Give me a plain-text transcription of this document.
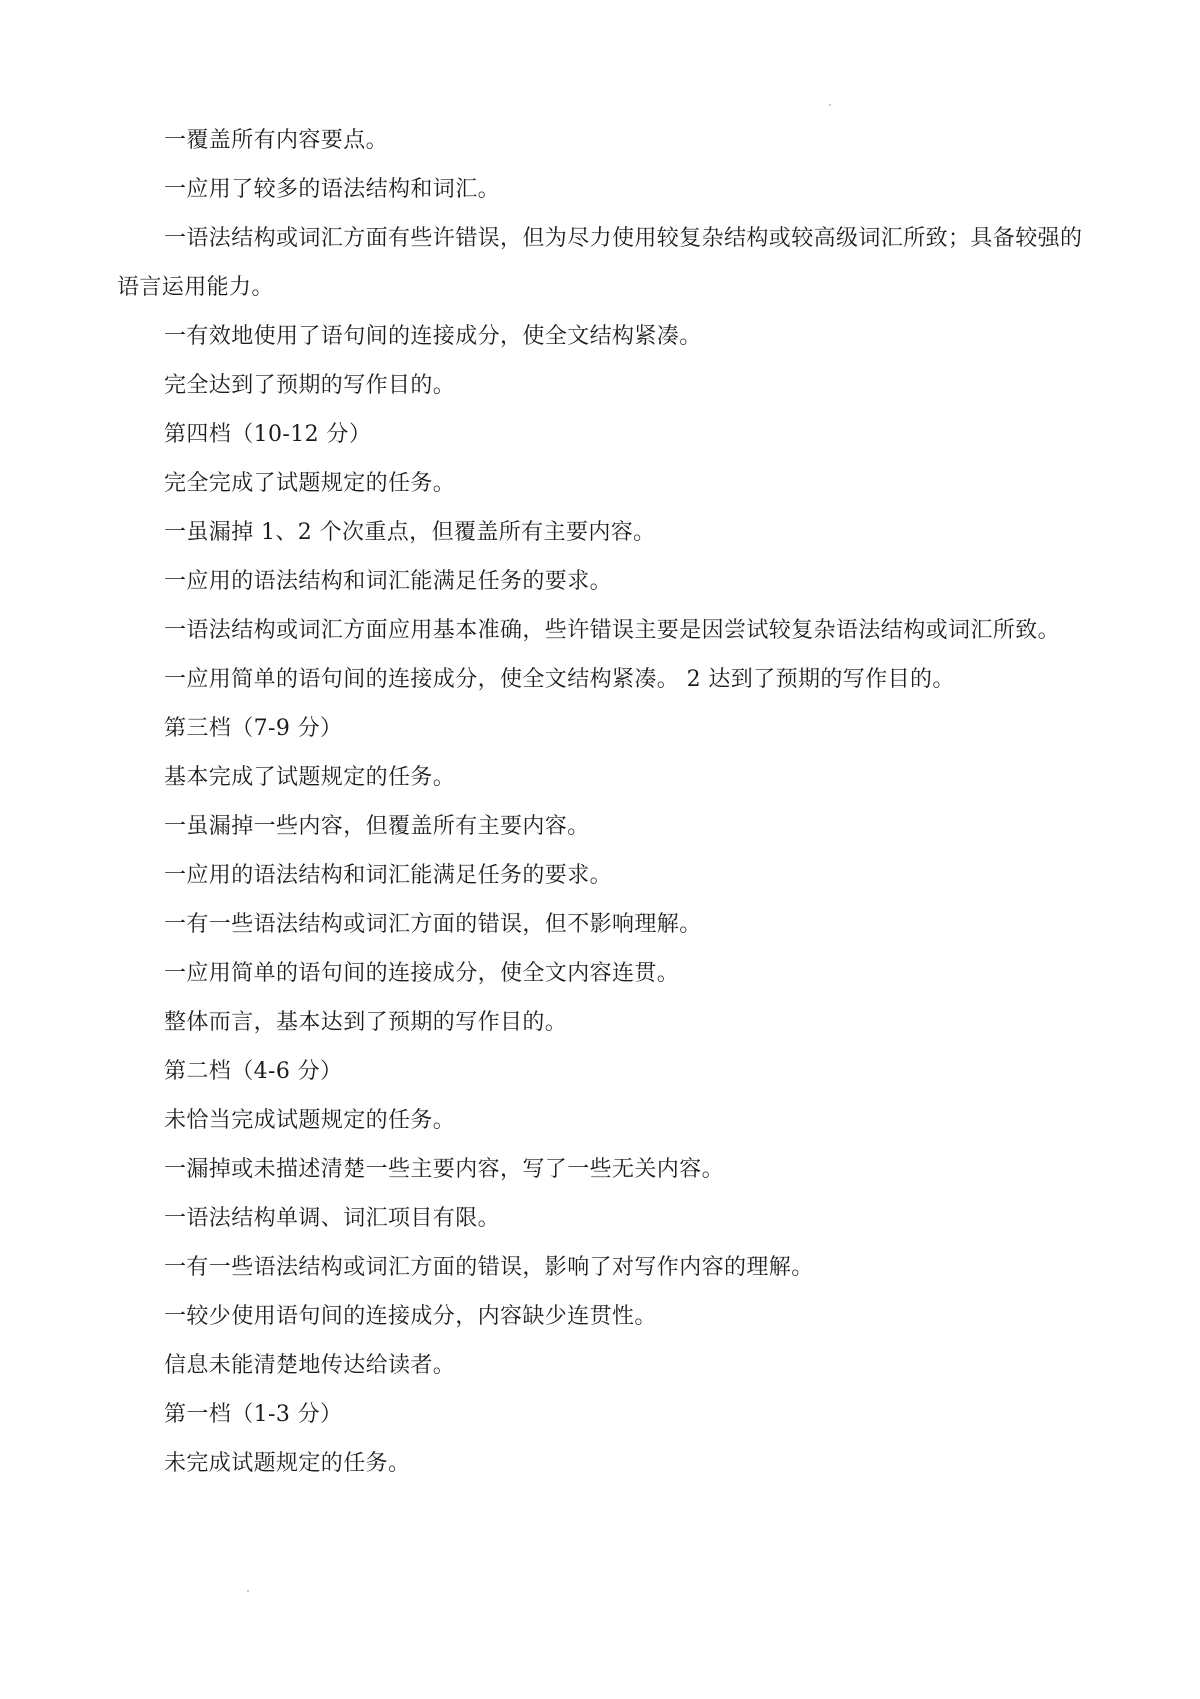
一覆盖所有内容要点。

一应用了较多的语法结构和词汇。

一语法结构或词汇方面有些许错误，但为尽力使用较复杂结构或较高级词汇所致；具备较强的语言运用能力。

一有效地使用了语句间的连接成分，使全文结构紧凑。

完全达到了预期的写作目的。

第四档（10-12 分）

完全完成了试题规定的任务。

一虽漏掉 1、2 个次重点，但覆盖所有主要内容。

一应用的语法结构和词汇能满足任务的要求。

一语法结构或词汇方面应用基本准确，些许错误主要是因尝试较复杂语法结构或词汇所致。

一应用简单的语句间的连接成分，使全文结构紧凑。 2 达到了预期的写作目的。

第三档（7-9 分）

基本完成了试题规定的任务。

一虽漏掉一些内容，但覆盖所有主要内容。

一应用的语法结构和词汇能满足任务的要求。

一有一些语法结构或词汇方面的错误，但不影响理解。

一应用简单的语句间的连接成分，使全文内容连贯。

整体而言，基本达到了预期的写作目的。

第二档（4-6 分）

未恰当完成试题规定的任务。

一漏掉或未描述清楚一些主要内容，写了一些无关内容。

一语法结构单调、词汇项目有限。

一有一些语法结构或词汇方面的错误，影响了对写作内容的理解。

一较少使用语句间的连接成分，内容缺少连贯性。

信息未能清楚地传达给读者。

第一档（1-3 分）

未完成试题规定的任务。
